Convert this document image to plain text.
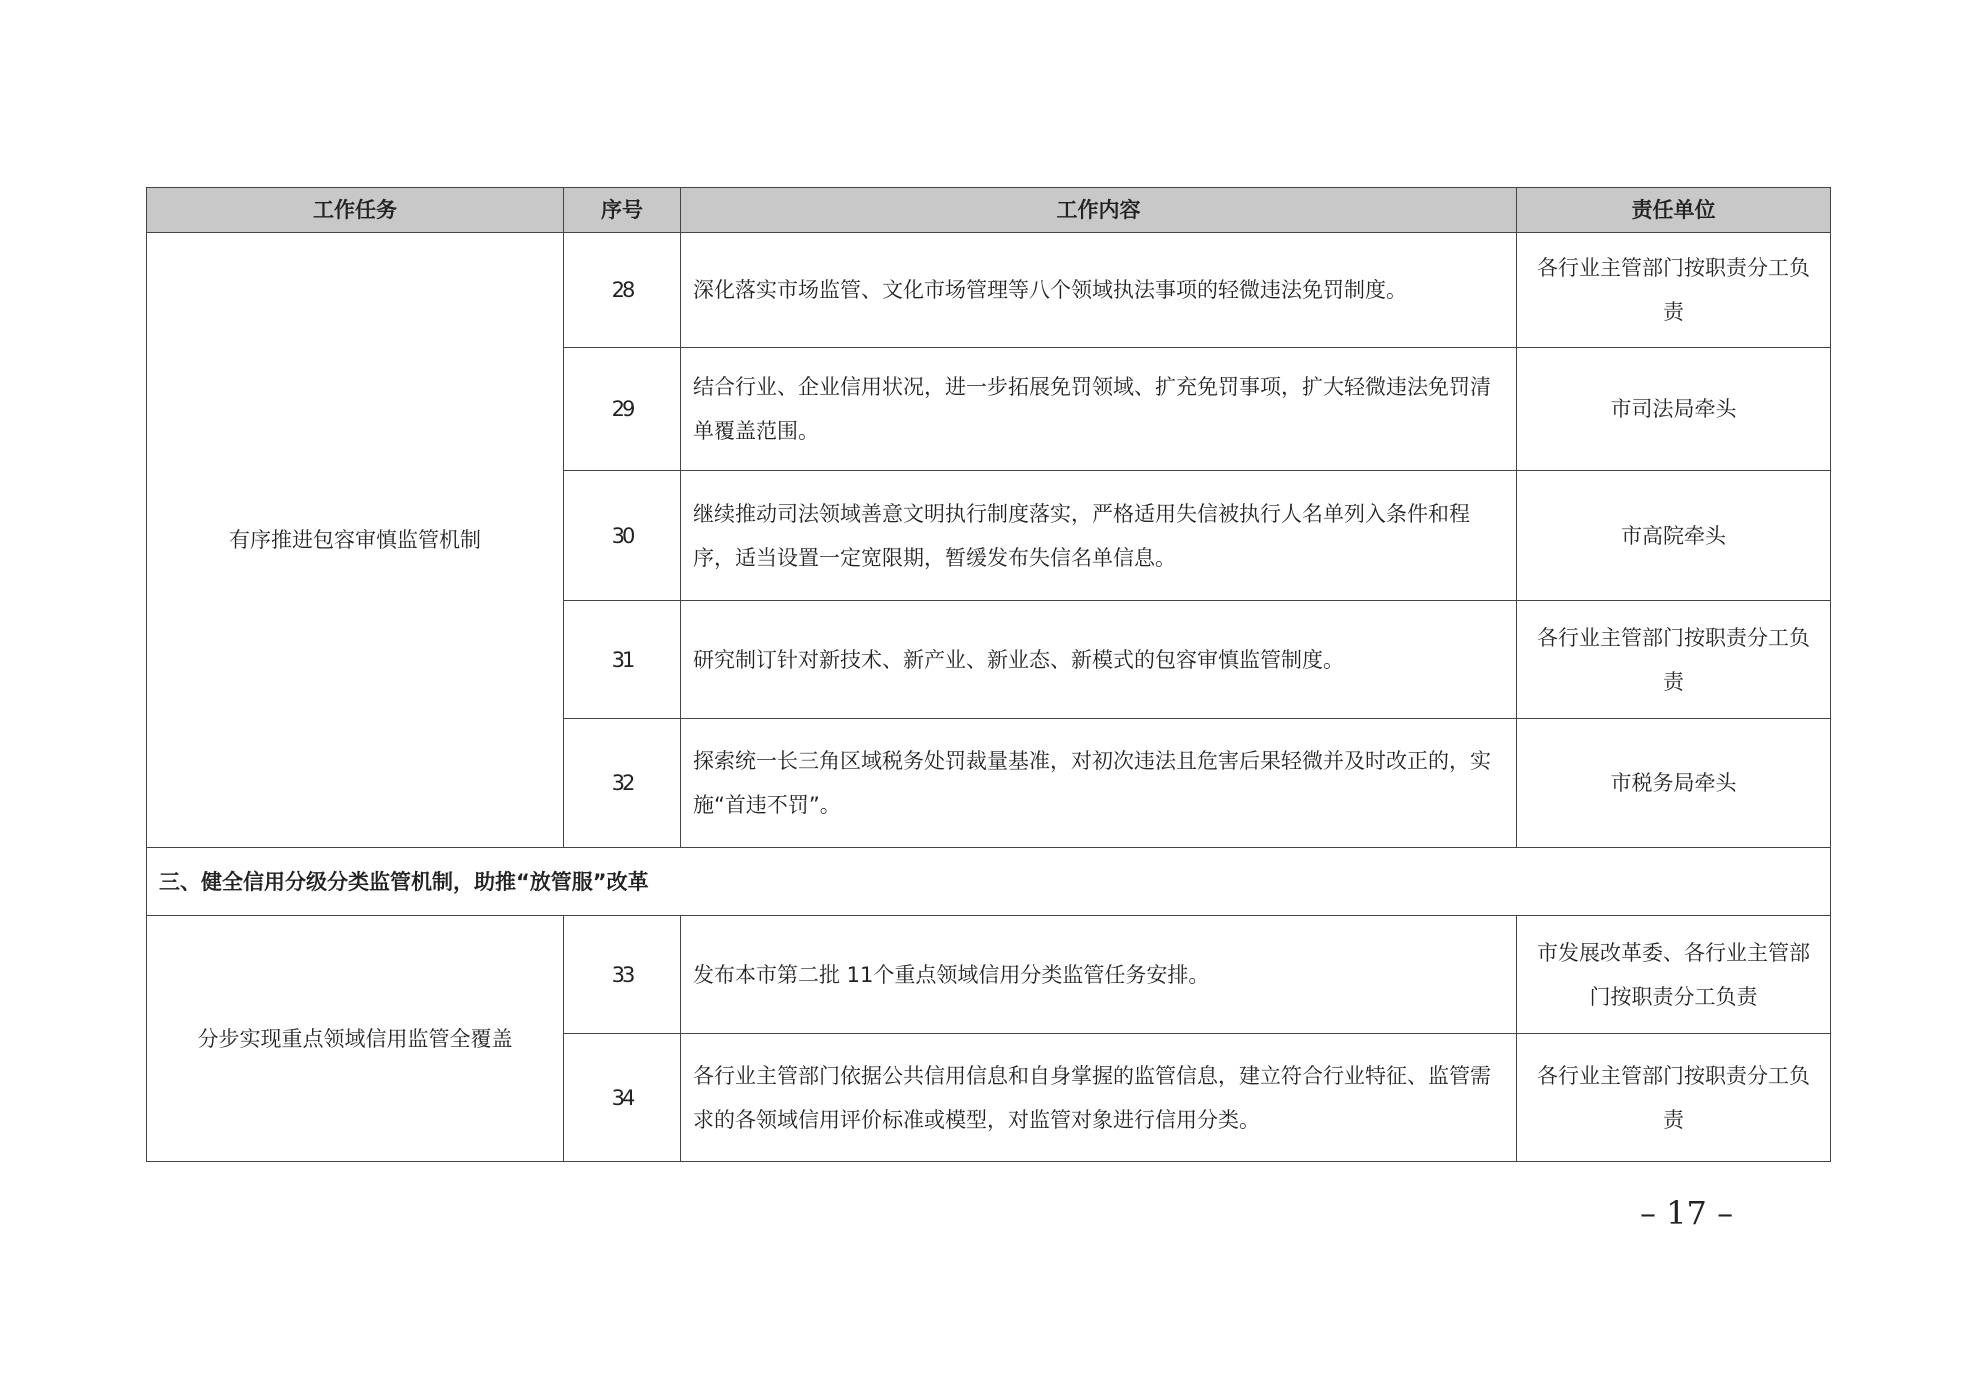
工作任务	序号	工作内容	责任单位
有序推进包容审慎监管机制	28	深化落实市场监管、文化市场管理等八个领域执法事项的轻微违法免罚制度。	各行业主管部门按职责分工负责
	29	结合行业、企业信用状况，进一步拓展免罚领域、扩充免罚事项，扩大轻微违法免罚清单覆盖范围。	市司法局牵头
	30	继续推动司法领域善意文明执行制度落实，严格适用失信被执行人名单列入条件和程序，适当设置一定宽限期，暂缓发布失信名单信息。	市高院牵头
	31	研究制订针对新技术、新产业、新业态、新模式的包容审慎监管制度。	各行业主管部门按职责分工负责
	32	探索统一长三角区域税务处罚裁量基准，对初次违法且危害后果轻微并及时改正的，实施“首违不罚”。	市税务局牵头
三、健全信用分级分类监管机制，助推“放管服”改革			
分步实现重点领域信用监管全覆盖	33	发布本市第二批 11个重点领域信用分类监管任务安排。	市发展改革委、各行业主管部门按职责分工负责
	34	各行业主管部门依据公共信用信息和自身掌握的监管信息，建立符合行业特征、监管需求的各领域信用评价标准或模型，对监管对象进行信用分类。	各行业主管部门按职责分工负责
– 17 –
